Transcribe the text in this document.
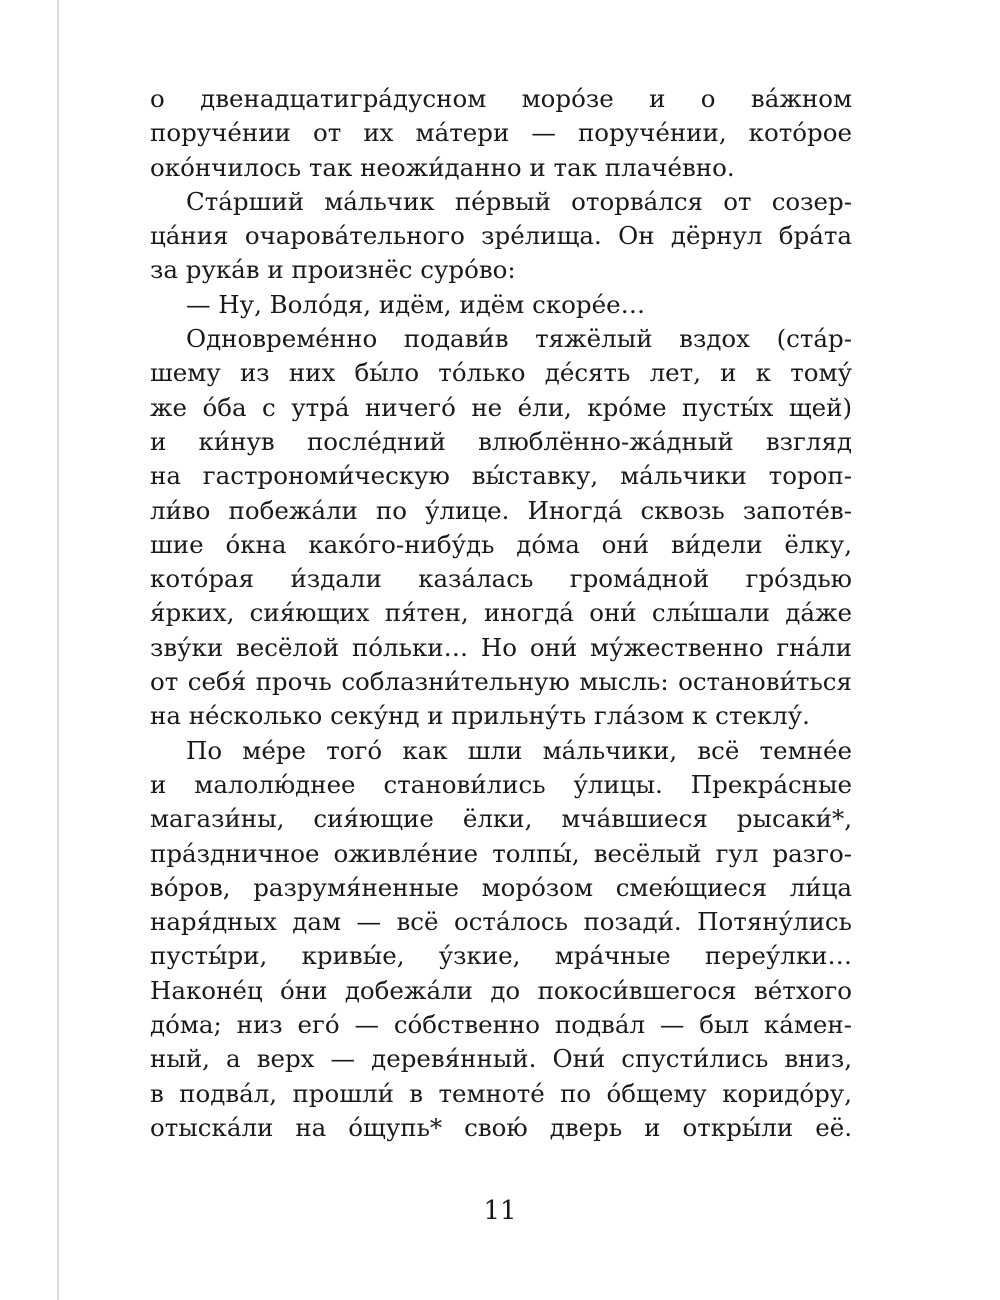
о двенадцатигра́дусном моро́зе и о ва́жном
поруче́нии от их ма́тери — поруче́нии, кото́рое
око́нчилось так неожи́данно и так плаче́вно.
Ста́рший ма́льчик пе́рвый оторва́лся от созер-
ца́ния очарова́тельного зре́лища. Он дёрнул бра́та
за рука́в и произнёс суро́во:
— Ну, Воло́дя, идём, идём скоре́е…
Одновреме́нно подави́в тяжёлый вздох (ста́р-
шему из них бы́ло то́лько де́сять лет, и к тому́
же о́ба с утра́ ничего́ не е́ли, кро́ме пусты́х щей)
и ки́нув после́дний влюблённо-жа́дный взгляд
на гастрономи́ческую вы́ставку, ма́льчики тороп-
ли́во побежа́ли по у́лице. Иногда́ сквозь запоте́в-
шие о́кна како́го-нибу́дь до́ма они́ ви́дели ёлку,
кото́рая и́здали каза́лась грома́дной гро́здью
я́рких, сия́ющих пя́тен, иногда́ они́ слы́шали да́же
зву́ки весёлой по́льки… Но они́ му́жественно гна́ли
от себя́ прочь соблазни́тельную мысль: останови́ться
на не́сколько секу́нд и прильну́ть гла́зом к стеклу́.
По ме́ре того́ как шли ма́льчики, всё темне́е
и малолю́днее станови́лись у́лицы. Прекра́сные
магази́ны, сия́ющие ёлки, мча́вшиеся рысаки́*,
пра́здничное оживле́ние толпы́, весёлый гул разго-
во́ров, разрумя́ненные моро́зом смею́щиеся ли́ца
наря́дных дам — всё оста́лось позади́. Потяну́лись
пусты́ри, кривы́е, у́зкие, мра́чные переу́лки…
Наконе́ц о́ни добежа́ли до покоси́вшегося ве́тхого
до́ма; низ его́ — со́бственно подва́л — был ка́мен-
ный, а верх — деревя́нный. Они́ спусти́лись вниз,
в подва́л, прошли́ в темноте́ по о́бщему коридо́ру,
отыска́ли на о́щупь* свою́ дверь и откры́ли её.
11
